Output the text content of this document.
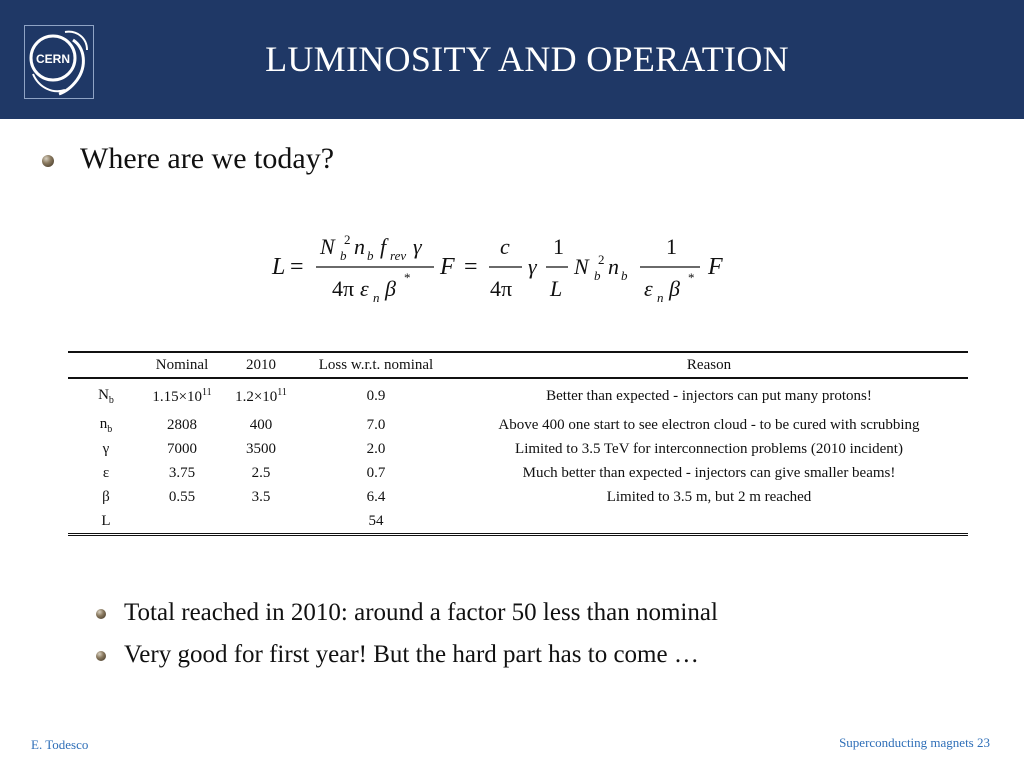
CERN	LUMINOSITY AND OPERATION
Where are we today?
L =
N b
2 n b f rev γ
4π ε n β * F =
c
4π
γ
1
L
N b
2 n b
1
ε n β * F
	Nominal	2010	Loss w.r.t. nominal	Reason
$N_b$	$1.15\times 10^{11}$	$1.2\times 10^{11}$	0.9	Better than expected - injectors can put many protons!
$n_b$	2808	400	7.0	Above 400 one start to see electron cloud - to be cured with scrubbing
γ	7000	3500	2.0	Limited to 3.5 TeV for interconnection problems (2010 incident)
ε	3.75	2.5	0.7	Much better than expected - injectors can give smaller beams!
β	0.55	3.5	6.4	Limited to 3.5 m, but 2 m reached
L			54	
Total reached in 2010: around a factor 50 less than nominal
Very good for first year! But the hard part has to come …
E. Todesco	Superconducting magnets 23
